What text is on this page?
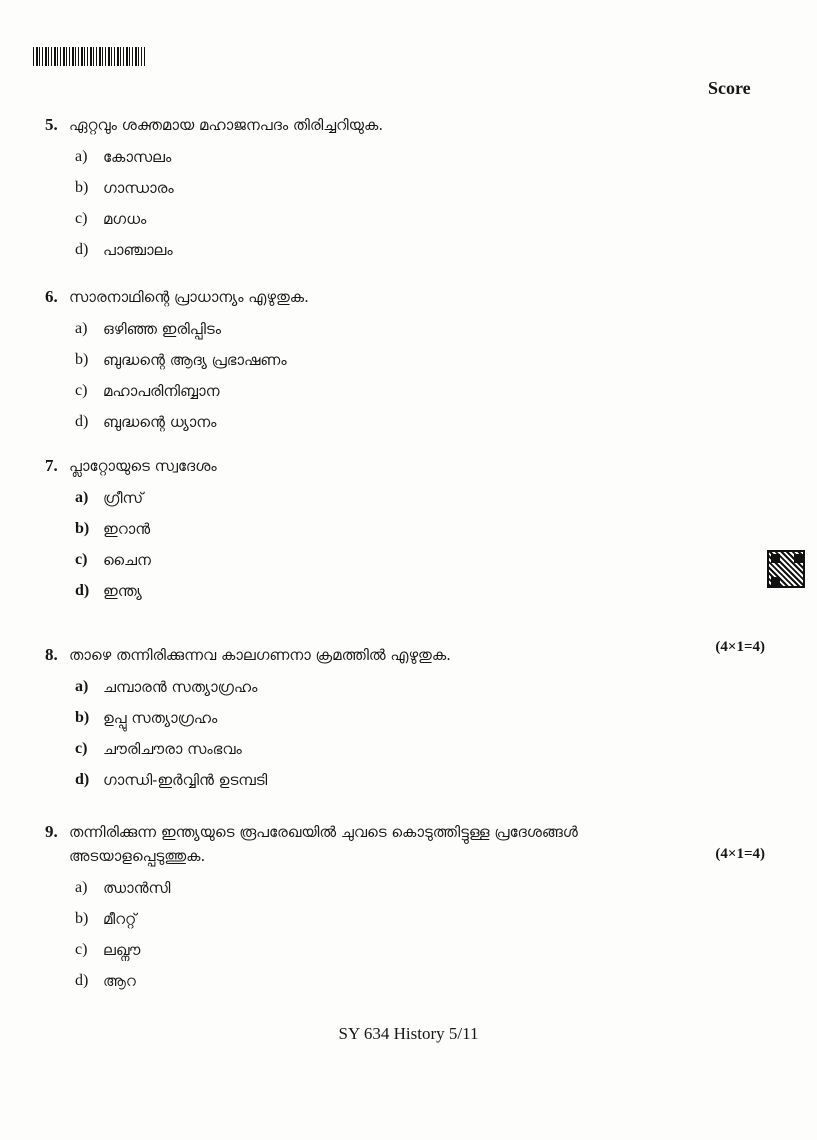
Score
5. ഏറ്റവും ശക്തമായ മഹാജനപദം തിരിച്ചറിയുക.
a)	കോസലം
b) ഗാന്ധാരം
c)	മഗധം
d) പാഞ്ചാലം
6. സാരനാഥിന്റെ പ്രാധാന്യം എഴുതുക.
a)	ഒഴിഞ്ഞ ഇരിപ്പിടം
b) ബുദ്ധന്റെ ആദ്യ പ്രഭാഷണം
c)	മഹാപരിനിബ്ബാന
d) ബുദ്ധന്റെ ധ്യാനം
7. പ്ലാറ്റോയുടെ സ്വദേശം
a) ഗ്രീസ്
b) ഇറാൻ
c)	ചൈന
d) ഇന്ത്യ
8. താഴെ തന്നിരിക്കുന്നവ കാലഗണനാ ക്രമത്തിൽ എഴുതുക.	(4×1=4)
a) ചമ്പാരൻ സത്യാഗ്രഹം
b) ഉപ്പു സത്യാഗ്രഹം
c)	ചൗരിചൗരാ സംഭവം
d) ഗാന്ധി-ഇർവ്വിൻ ഉടമ്പടി
9. തന്നിരിക്കുന്ന ഇന്ത്യയുടെ രൂപരേഖയിൽ ചുവടെ കൊടുത്തിട്ടുള്ള പ്രദേശങ്ങൾ അടയാളപ്പെടുത്തുക.	(4×1=4)
a)	ഝാൻസി
b) മീററ്റ്
c)	ലഖ്നൗ
d) ആറ
SY 634 History 5/11
